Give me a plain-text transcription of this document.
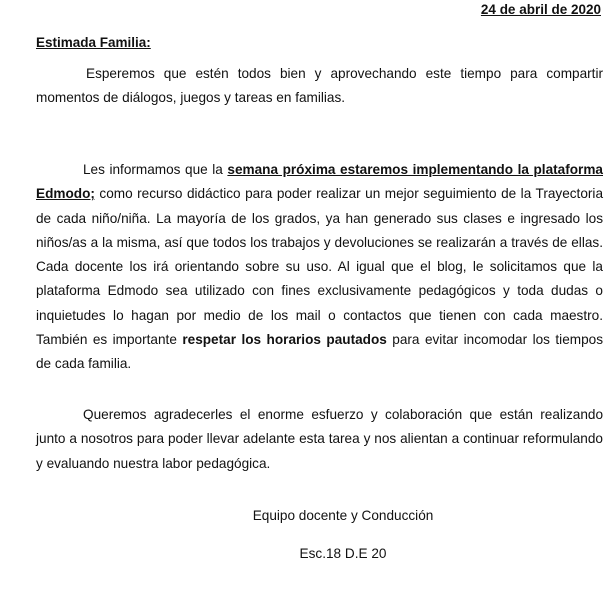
24 de abril de 2020
Estimada Familia:

Esperemos que estén todos bien y aprovechando este tiempo para compartir momentos de diálogos, juegos y tareas en familias.

Les informamos que la semana próxima estaremos implementando la plataforma Edmodo; como recurso didáctico para poder realizar un mejor seguimiento de la Trayectoria de cada niño/niña. La mayoría de los grados, ya han generado sus clases e ingresado los niños/as a la misma, así que todos los trabajos y devoluciones se realizarán a través de ellas. Cada docente los irá orientando sobre su uso. Al igual que el blog, le solicitamos que la plataforma Edmodo sea utilizado con fines exclusivamente pedagógicos y toda dudas o inquietudes lo hagan por medio de los mail o contactos que tienen con cada maestro. También es importante respetar los horarios pautados para evitar incomodar los tiempos de cada familia.

Queremos agradecerles el enorme esfuerzo y colaboración que están realizando junto a nosotros para poder llevar adelante esta tarea y nos alientan a continuar reformulando y evaluando nuestra labor pedagógica.

Equipo docente y Conducción
Esc.18 D.E 20
